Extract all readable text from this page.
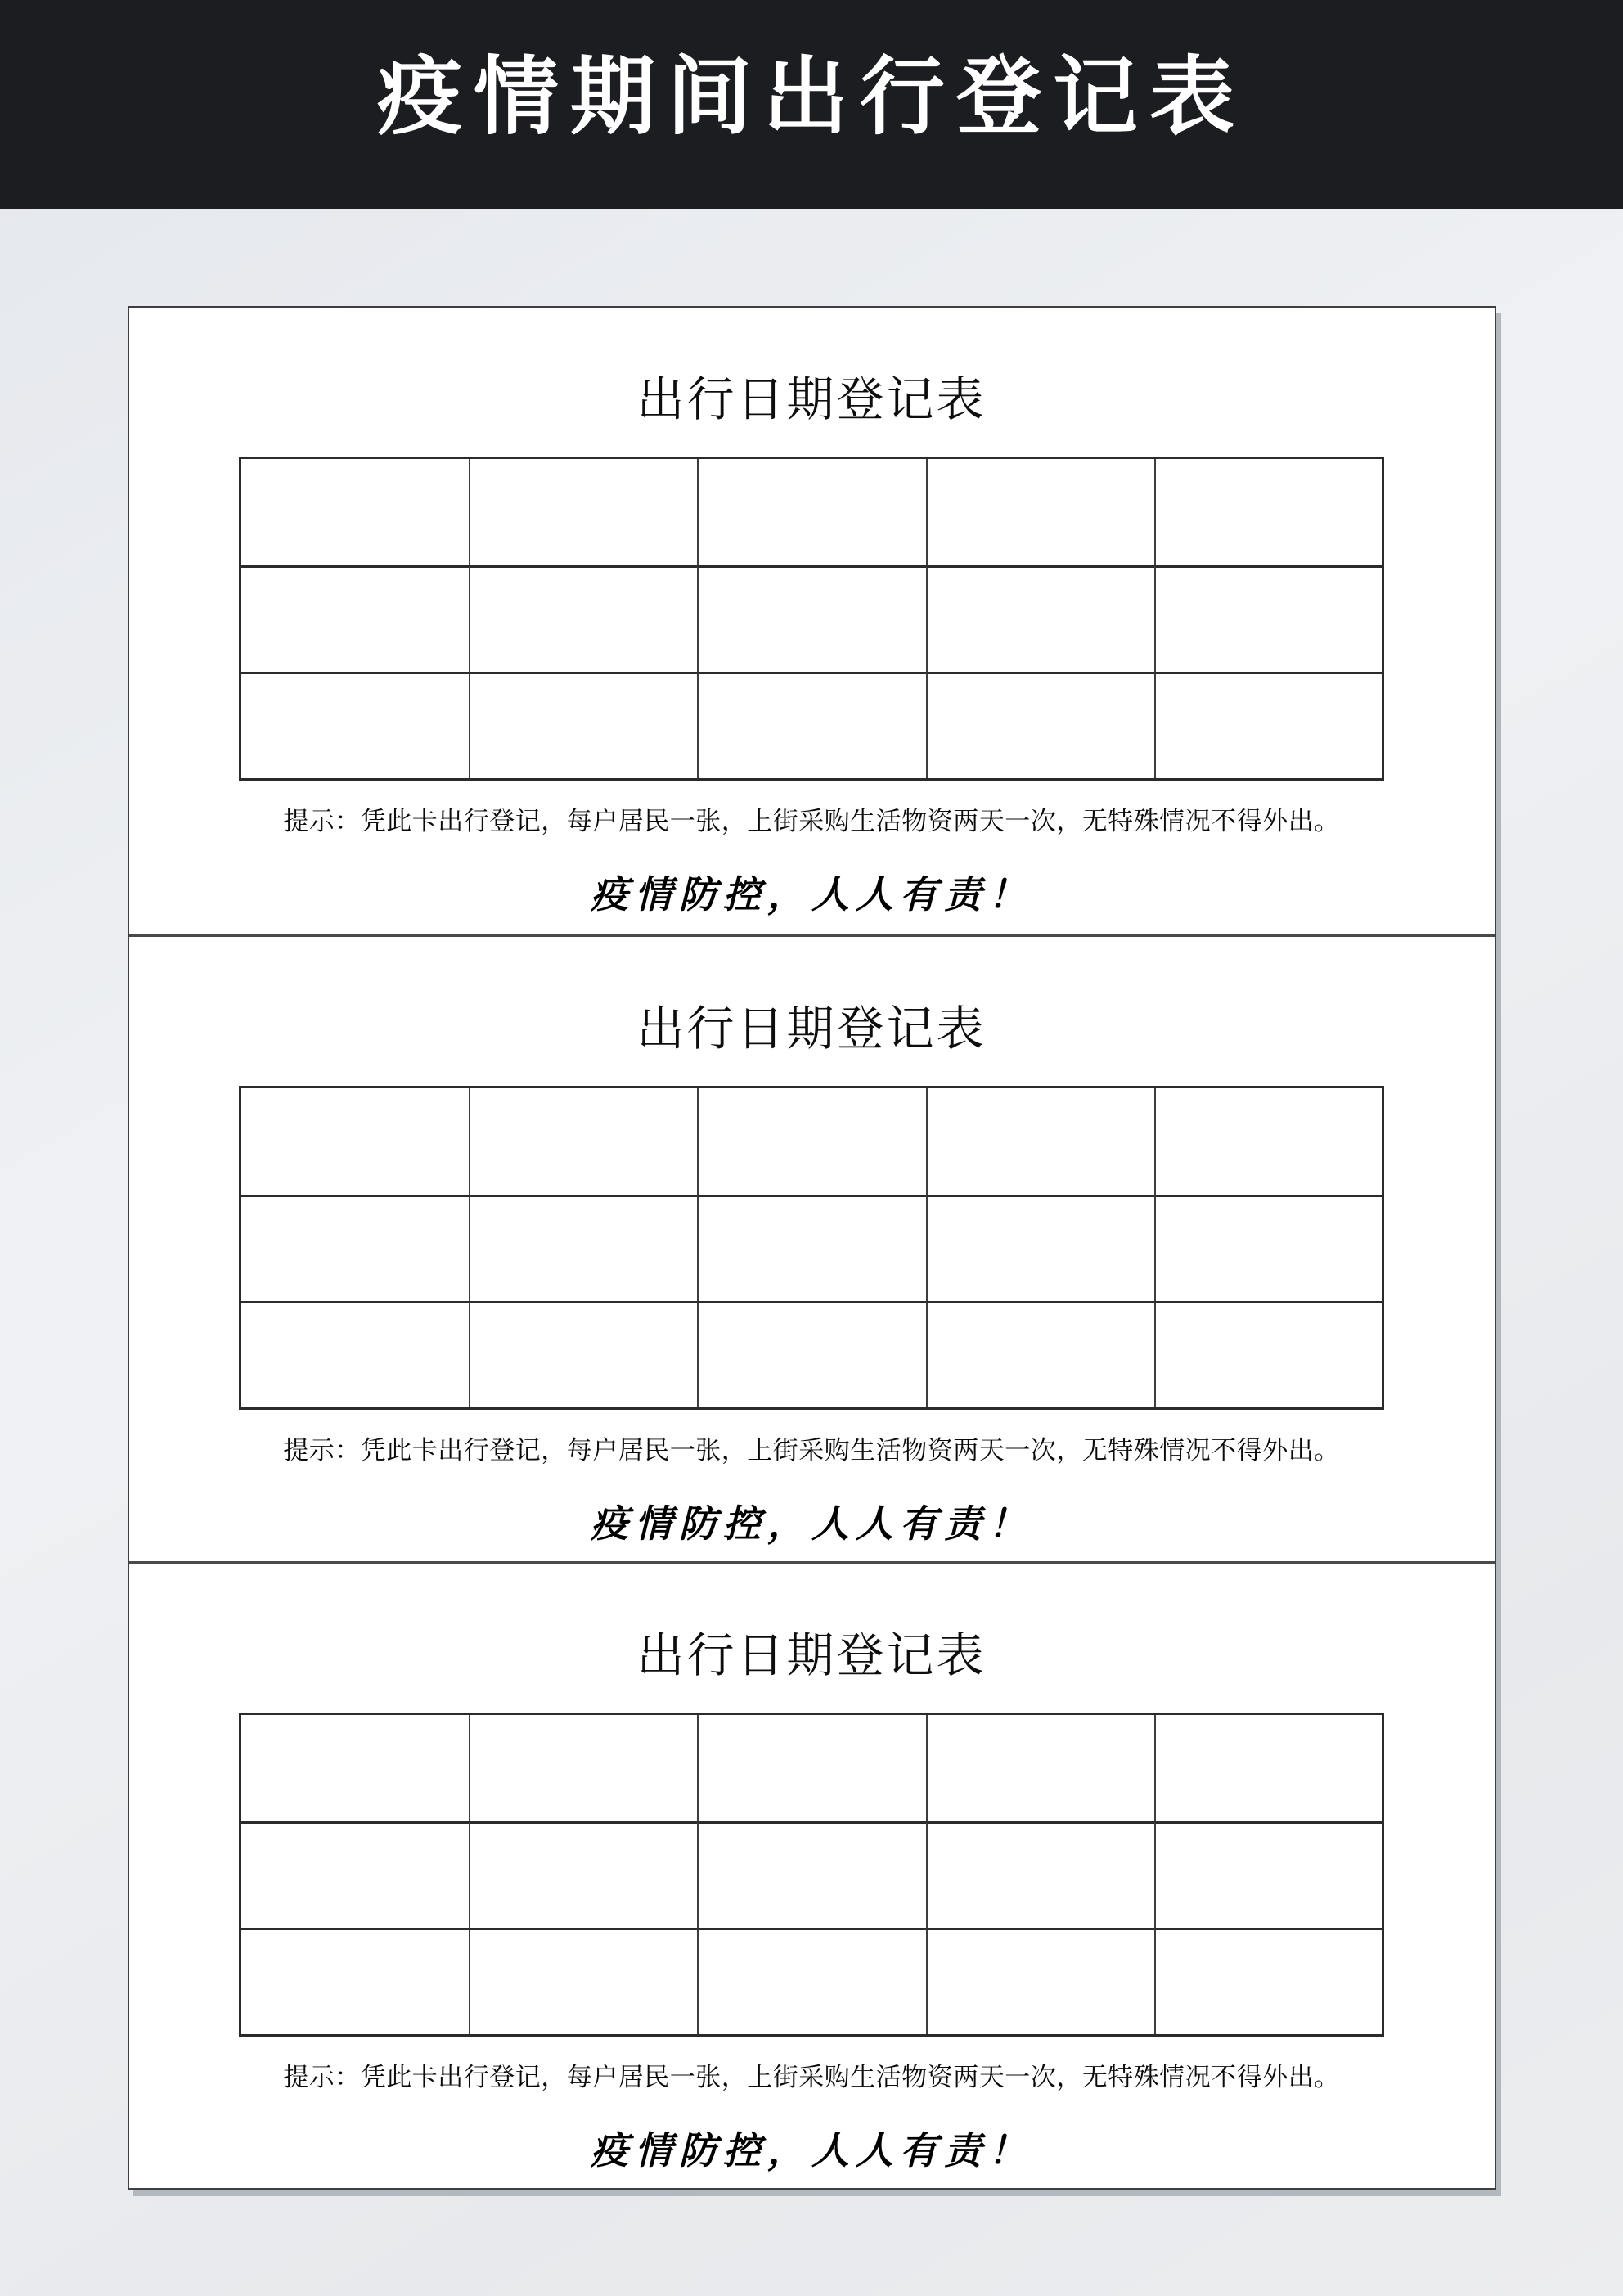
疫情期间出行登记表
出行日期登记表

提示：凭此卡出行登记，每户居民一张，上街采购生活物资两天一次，无特殊情况不得外出。

疫情防控，人人有责！

出行日期登记表

提示：凭此卡出行登记，每户居民一张，上街采购生活物资两天一次，无特殊情况不得外出。

疫情防控，人人有责！

出行日期登记表

提示：凭此卡出行登记，每户居民一张，上街采购生活物资两天一次，无特殊情况不得外出。

疫情防控，人人有责！
